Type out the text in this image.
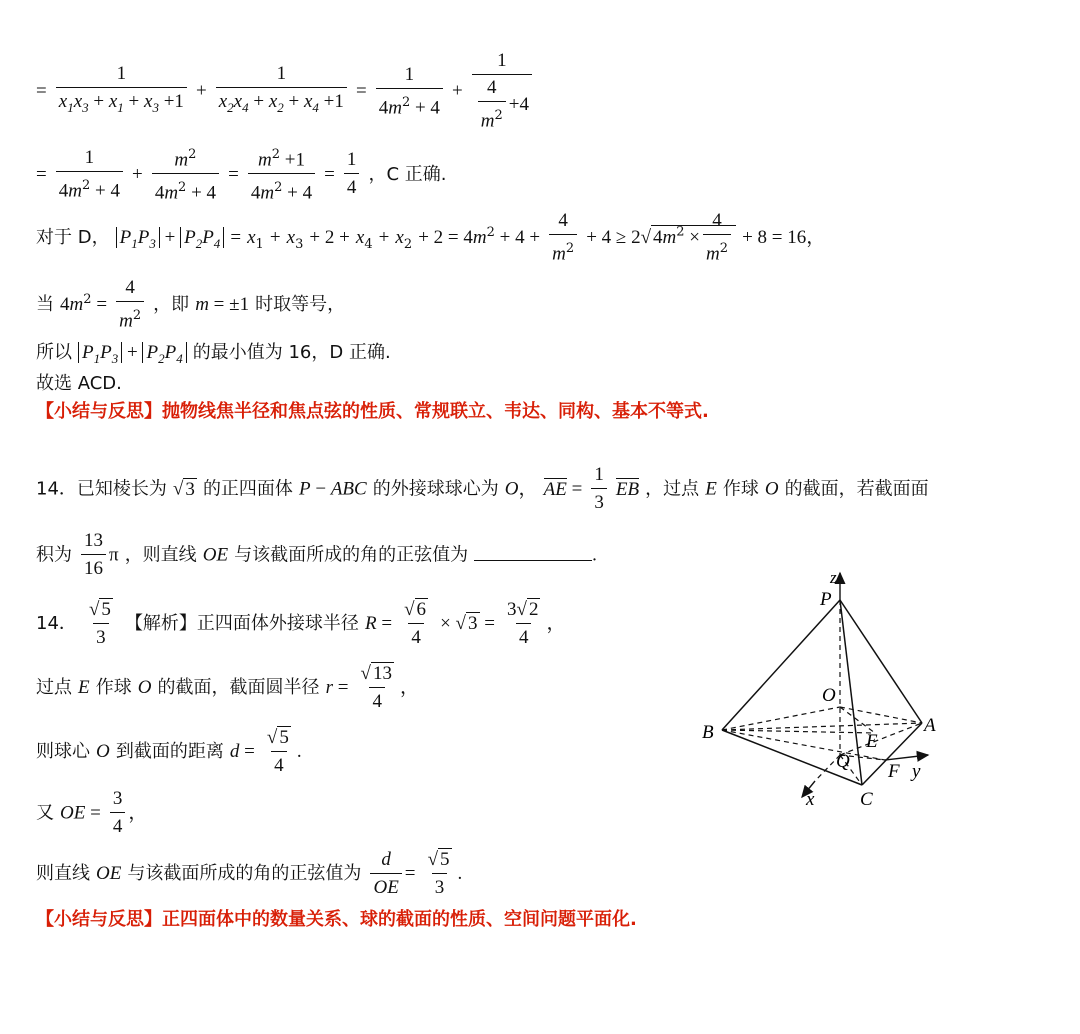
= $\frac{1}{x_1x_3 + x_1 + x_3 +1} + \frac{1}{x_2x_4 + x_2 + x_4 +1} = \frac{1}{4m^2 + 4} + \frac{1}{\frac{4}{m^2} +4}$
= $\frac{1}{4m^2 + 4} + \frac{m^2}{4m^2 + 4} = \frac{m^2 +1}{4m^2 + 4} = \frac{1}{4}$ ，C 正确.
对于 D， $P_1P_3 + P_2P_4 = x_1 + x_3 + 2 + x_4 + x_2 + 2 = 4m^2 + 4 + \frac{4}{m^2} + 4 \ge 2√$ $4m^2 \times \frac{4}{m^2} + 8 = 16$，
当 $4m^2 = \frac{4}{m^2}$ ，即 m = ±1 时取等号，
所以 $P_1P_3 + P_2P_4$ 的最小值为 16，D 正确.
故选 ACD.
【小结与反思】抛物线焦半径和焦点弦的性质、常规联立、韦达、同构、基本不等式.
14．已知棱长为 √ 3 的正四面体 P − ABC 的外接球球心为 O， AE = $\frac{1}{3}$ EB ，过点 E 作球 O 的截面，若截面面
积为 $\frac{13}{16}$ π ，则直线 OE 与该截面所成的角的正弦值为	.
14． $\frac{√ 5}{3}$ 【解析】正四面体外接球半径 $R = \frac{√ 6}{4}$ × √ $3 = \frac{3√ 2}{4}$ ，
过点 E 作球 O 的截面，截面圆半径 $r = \frac{√ 13}{4}$ ，
则球心 O 到截面的距离 $d = \frac{√ 5}{4}$ .
又 OE = $\frac{3}{4}$ ，
则直线 OE 与该截面所成的角的正弦值为 $\frac{d}{OE} = \frac{√ 5}{3}$ .
【小结与反思】正四面体中的数量关系、球的截面的性质、空间问题平面化.
z
P
O
A
B	E
Q F y
x C
